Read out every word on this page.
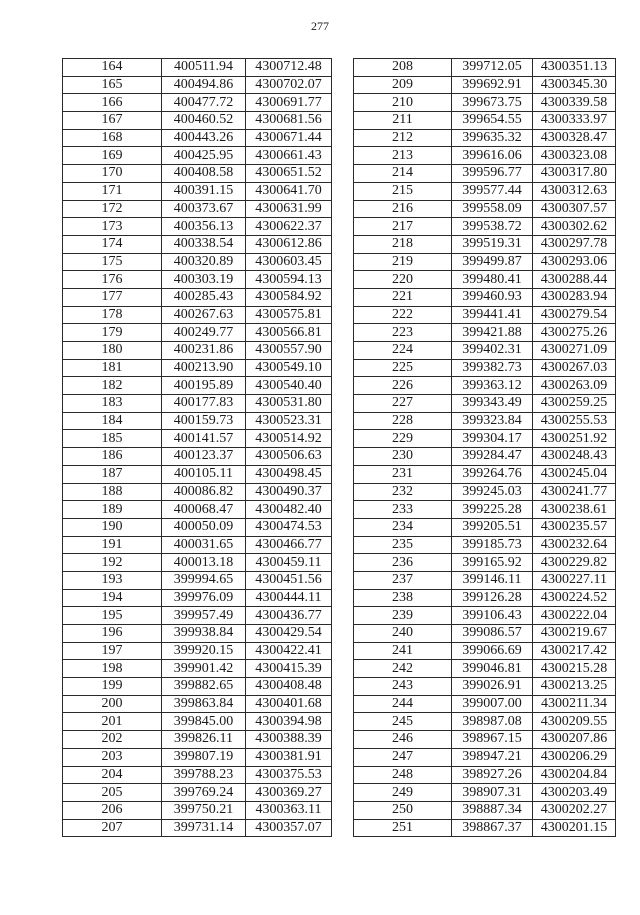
277
164	400511.94	4300712.48
165	400494.86	4300702.07
166	400477.72	4300691.77
167	400460.52	4300681.56
168	400443.26	4300671.44
169	400425.95	4300661.43
170	400408.58	4300651.52
171	400391.15	4300641.70
172	400373.67	4300631.99
173	400356.13	4300622.37
174	400338.54	4300612.86
175	400320.89	4300603.45
176	400303.19	4300594.13
177	400285.43	4300584.92
178	400267.63	4300575.81
179	400249.77	4300566.81
180	400231.86	4300557.90
181	400213.90	4300549.10
182	400195.89	4300540.40
183	400177.83	4300531.80
184	400159.73	4300523.31
185	400141.57	4300514.92
186	400123.37	4300506.63
187	400105.11	4300498.45
188	400086.82	4300490.37
189	400068.47	4300482.40
190	400050.09	4300474.53
191	400031.65	4300466.77
192	400013.18	4300459.11
193	399994.65	4300451.56
194	399976.09	4300444.11
195	399957.49	4300436.77
196	399938.84	4300429.54
197	399920.15	4300422.41
198	399901.42	4300415.39
199	399882.65	4300408.48
200	399863.84	4300401.68
201	399845.00	4300394.98
202	399826.11	4300388.39
203	399807.19	4300381.91
204	399788.23	4300375.53
205	399769.24	4300369.27
206	399750.21	4300363.11
207	399731.14	4300357.07
208	399712.05	4300351.13
209	399692.91	4300345.30
210	399673.75	4300339.58
211	399654.55	4300333.97
212	399635.32	4300328.47
213	399616.06	4300323.08
214	399596.77	4300317.80
215	399577.44	4300312.63
216	399558.09	4300307.57
217	399538.72	4300302.62
218	399519.31	4300297.78
219	399499.87	4300293.06
220	399480.41	4300288.44
221	399460.93	4300283.94
222	399441.41	4300279.54
223	399421.88	4300275.26
224	399402.31	4300271.09
225	399382.73	4300267.03
226	399363.12	4300263.09
227	399343.49	4300259.25
228	399323.84	4300255.53
229	399304.17	4300251.92
230	399284.47	4300248.43
231	399264.76	4300245.04
232	399245.03	4300241.77
233	399225.28	4300238.61
234	399205.51	4300235.57
235	399185.73	4300232.64
236	399165.92	4300229.82
237	399146.11	4300227.11
238	399126.28	4300224.52
239	399106.43	4300222.04
240	399086.57	4300219.67
241	399066.69	4300217.42
242	399046.81	4300215.28
243	399026.91	4300213.25
244	399007.00	4300211.34
245	398987.08	4300209.55
246	398967.15	4300207.86
247	398947.21	4300206.29
248	398927.26	4300204.84
249	398907.31	4300203.49
250	398887.34	4300202.27
251	398867.37	4300201.15
